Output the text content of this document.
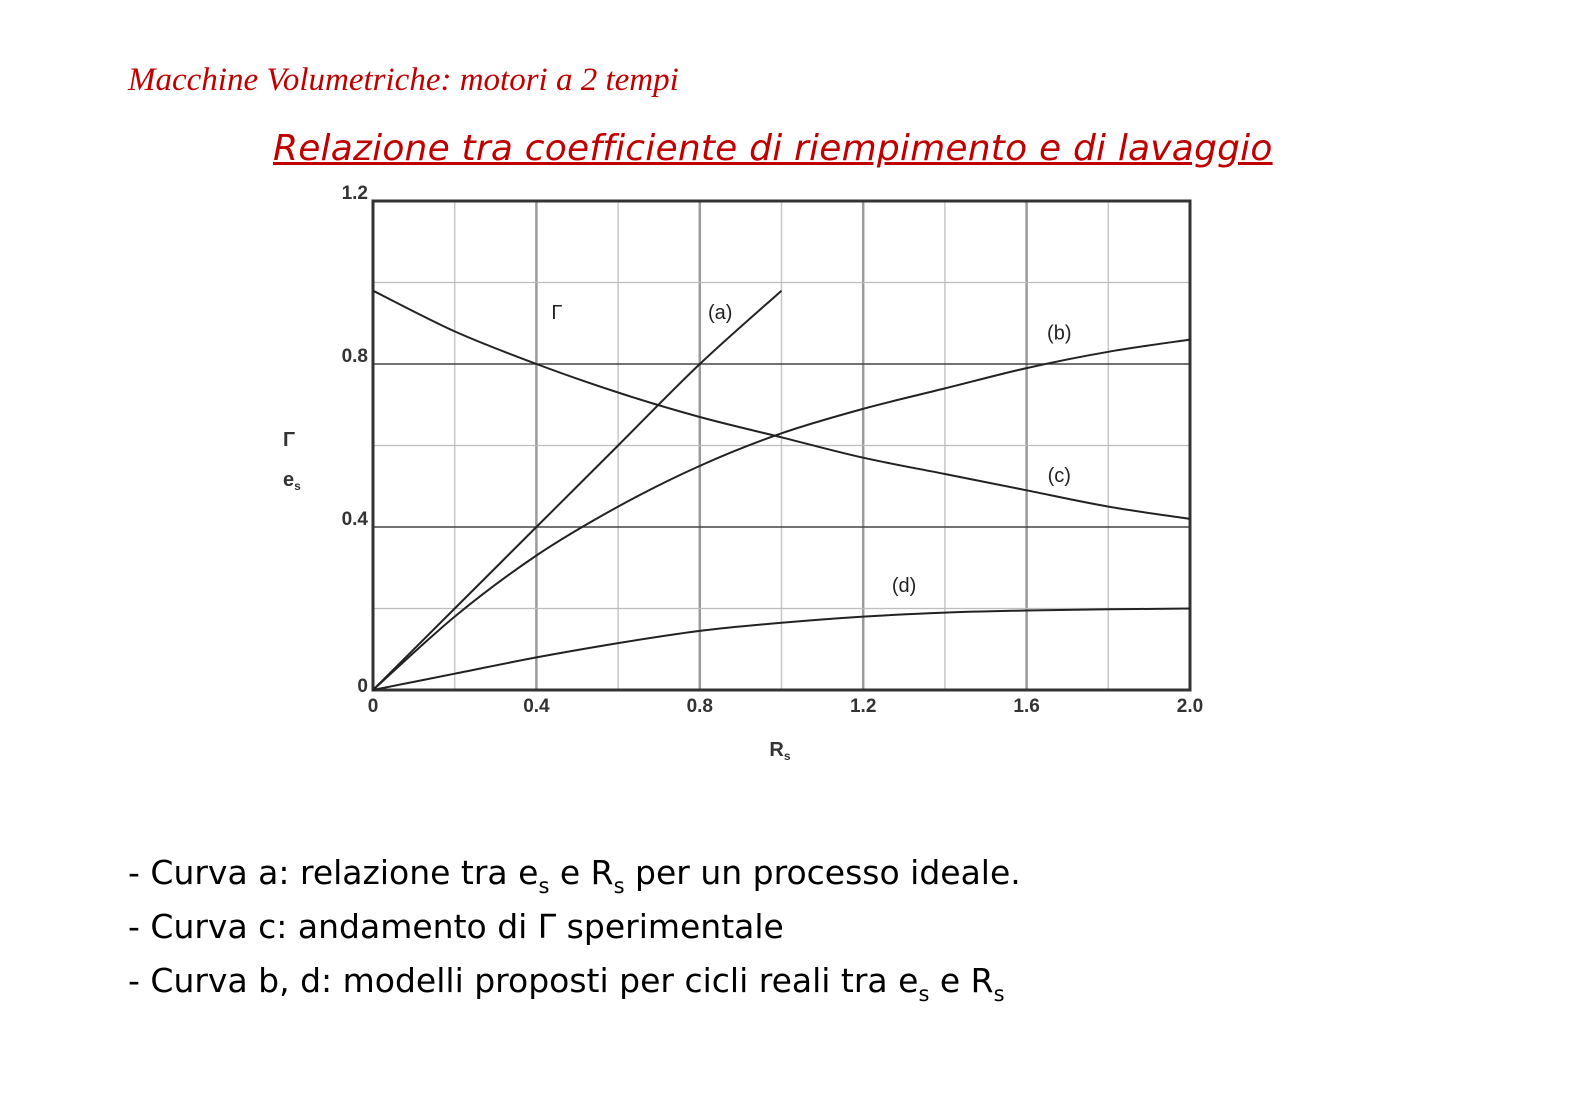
Macchine Volumetriche: motori a 2 tempi
Relazione tra coefficiente di riempimento e di lavaggio
0	0.4	0.8	1.2	1.6	2.0
0
0.4
0.8
1.2
$R_s$
Γ
$e_s$
Γ	(a)
(b)
(c)
(d)
- Curva a: relazione tra $e_s$ e $R_s$ per un processo ideale.
- Curva c: andamento di Γ sperimentale
- Curva b, d: modelli proposti per cicli reali tra $e_s$ e $R_s$
